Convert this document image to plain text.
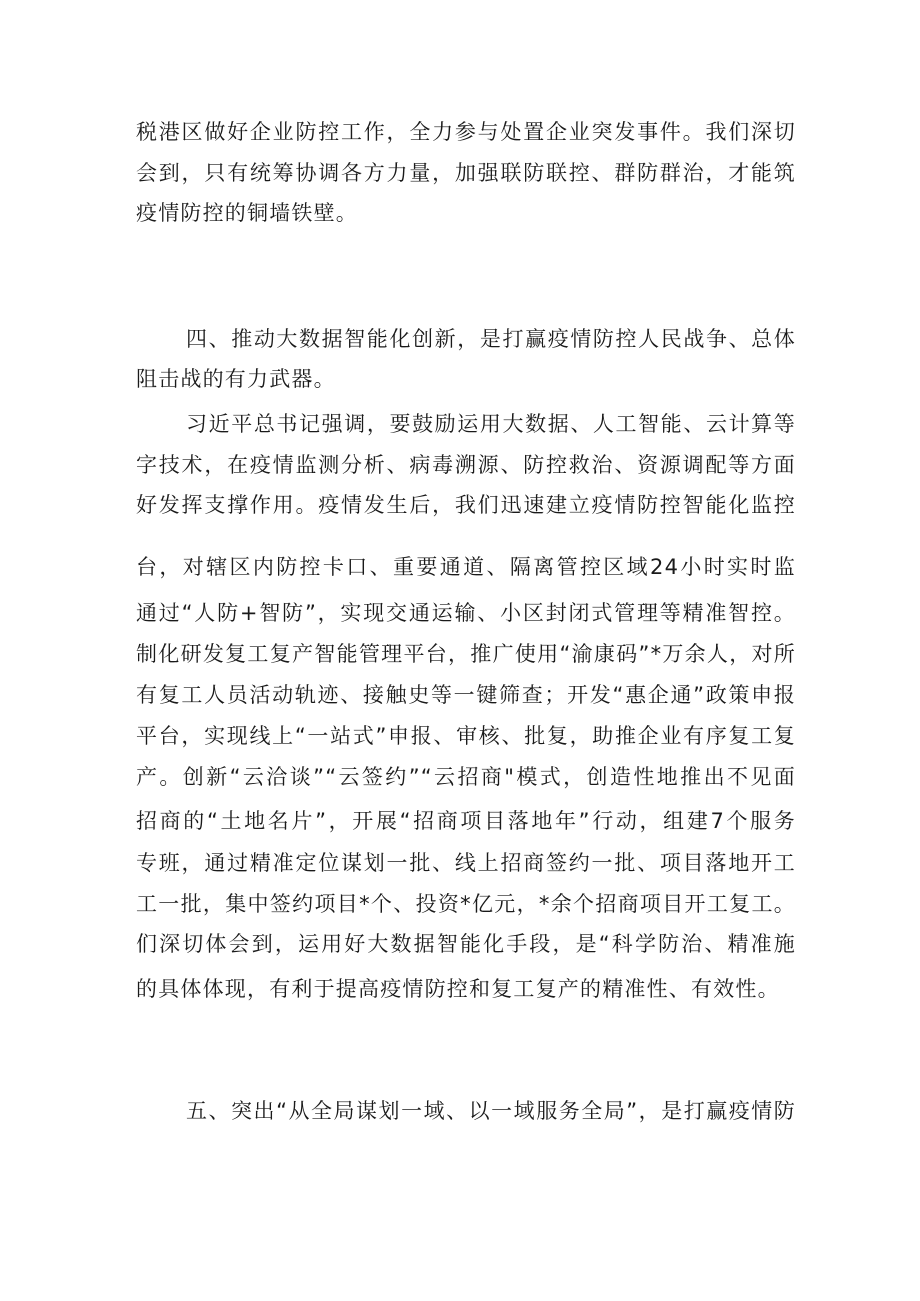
税港区做好企业防控工作，全力参与处置企业突发事件。我们深切
会到，只有统筹协调各方力量，加强联防联控、群防群治，才能筑
疫情防控的铜墙铁壁。
四、推动大数据智能化创新，是打赢疫情防控人民战争、总体
阻击战的有力武器。
习近平总书记强调，要鼓励运用大数据、人工智能、云计算等
字技术，在疫情监测分析、病毒溯源、防控救治、资源调配等方面
好发挥支撑作用。疫情发生后，我们迅速建立疫情防控智能化监控
台，对辖区内防控卡口、重要通道、隔离管控区域24小时实时监
通过“人防+智防”，实现交通运输、小区封闭式管理等精准智控。
制化研发复工复产智能管理平台，推广使用“渝康码”*万余人，对所
有复工人员活动轨迹、接触史等一键筛查；开发“惠企通”政策申报
平台，实现线上“一站式”申报、审核、批复，助推企业有序复工复
产。创新“云洽谈”“云签约”“云招商"模式，创造性地推出不见面
招商的“土地名片”，开展“招商项目落地年”行动，组建7个服务
专班，通过精准定位谋划一批、线上招商签约一批、项目落地开工
工一批，集中签约项目*个、投资*亿元，*余个招商项目开工复工。
们深切体会到，运用好大数据智能化手段，是“科学防治、精准施
的具体体现，有利于提高疫情防控和复工复产的精准性、有效性。
五、突出“从全局谋划一域、以一域服务全局”，是打赢疫情防
